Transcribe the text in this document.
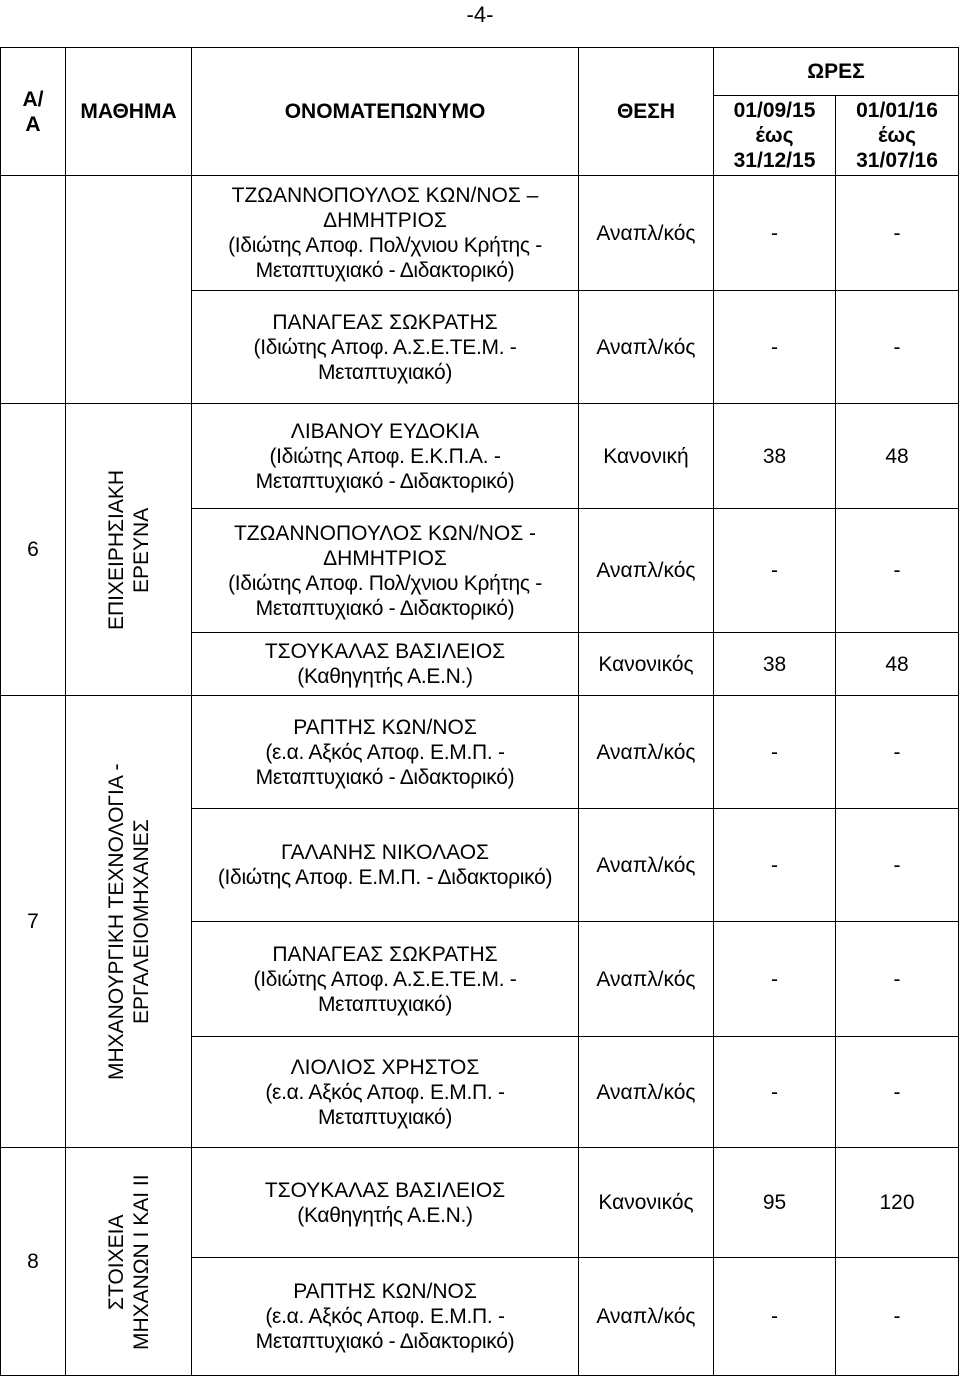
-4-
Α/
Α	ΜΑΘΗΜΑ	ΟΝΟΜΑΤΕΠΩΝΥΜΟ	ΘΕΣΗ	ΩΡΕΣ	

				01/09/15
έως
31/12/15	01/01/16
έως
31/07/16

		ΤΖΩΑΝΝΟΠΟΥΛΟΣ ΚΩΝ/ΝΟΣ – ΔΗΜΗΤΡΙΟΣ
(Ιδιώτης Αποφ. Πολ/χνιου Κρήτης - Μεταπτυχιακό - Διδακτορικό)	Αναπλ/κός	-	-

		ΠΑΝΑΓΕΑΣ ΣΩΚΡΑΤΗΣ
(Ιδιώτης Αποφ. Α.Σ.Ε.ΤΕ.Μ. - Μεταπτυχιακό)	Αναπλ/κός	-	-
6	ΕΠΙΧΕΙΡΗΣΙΑΚΗ ΕΡΕΥΝΑ	ΛΙΒΑΝΟΥ ΕΥΔΟΚΙΑ
(Ιδιώτης Αποφ. Ε.Κ.Π.Α. - Μεταπτυχιακό - Διδακτορικό)	Κανονική	38	48

		ΤΖΩΑΝΝΟΠΟΥΛΟΣ ΚΩΝ/ΝΟΣ - ΔΗΜΗΤΡΙΟΣ
(Ιδιώτης Αποφ. Πολ/χνιου Κρήτης - Μεταπτυχιακό - Διδακτορικό)	Αναπλ/κός	-	-

		ΤΣΟΥΚΑΛΑΣ ΒΑΣΙΛΕΙΟΣ
(Καθηγητής Α.Ε.Ν.)	Κανονικός	38	48
7	ΜΗΧΑΝΟΥΡΓΙΚΗ ΤΕΧΝΟΛΟΓΙΑ - ΕΡΓΑΛΕΙΟΜΗΧΑΝΕΣ	ΡΑΠΤΗΣ ΚΩΝ/ΝΟΣ
(ε.α. Αξκός Αποφ. Ε.Μ.Π. - Μεταπτυχιακό - Διδακτορικό)	Αναπλ/κός	-	-

		ΓΑΛΑΝΗΣ ΝΙΚΟΛΑΟΣ
(Ιδιώτης Αποφ. Ε.Μ.Π. - Διδακτορικό)	Αναπλ/κός	-	-

		ΠΑΝΑΓΕΑΣ ΣΩΚΡΑΤΗΣ
(Ιδιώτης Αποφ. Α.Σ.Ε.ΤΕ.Μ. - Μεταπτυχιακό)	Αναπλ/κός	-	-

		ΛΙΟΛΙΟΣ ΧΡΗΣΤΟΣ
(ε.α. Αξκός Αποφ. Ε.Μ.Π. - Μεταπτυχιακό)	Αναπλ/κός	-	-
8	ΣΤΟΙΧΕΙΑ ΜΗΧΑΝΩΝ Ι ΚΑΙ ΙΙ	ΤΣΟΥΚΑΛΑΣ ΒΑΣΙΛΕΙΟΣ
(Καθηγητής Α.Ε.Ν.)	Κανονικός	95	120

		ΡΑΠΤΗΣ ΚΩΝ/ΝΟΣ
(ε.α. Αξκός Αποφ. Ε.Μ.Π. - Μεταπτυχιακό - Διδακτορικό)	Αναπλ/κός	-	-
